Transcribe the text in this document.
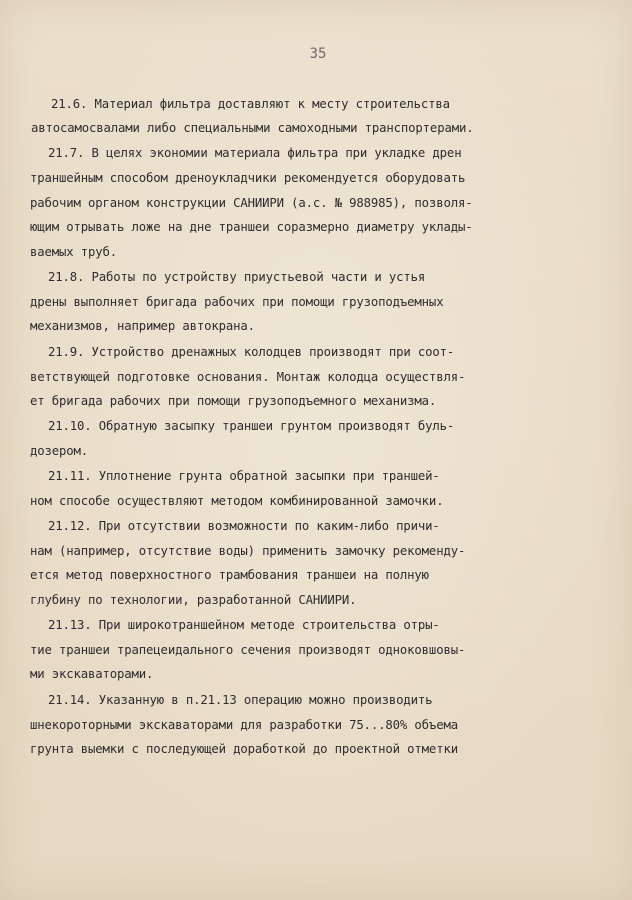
35
21.6. Материал фильтра доставляют к месту строительства
автосамосвалами либо специальными самоходными транспортерами.
21.7. В целях экономии материала фильтра при укладке дрен
траншейным способом дреноукладчики рекомендуется оборудовать
рабочим органом конструкции САНИИРИ (а.с. № 988985), позволя-
ющим отрывать ложе на дне траншеи соразмерно диаметру уклады-
ваемых труб.
21.8. Работы по устройству приустьевой части и устья
дрены выполняет бригада рабочих при помощи грузоподъемных
механизмов, например автокрана.
21.9. Устройство дренажных колодцев производят при соот-
ветствующей подготовке основания. Монтаж колодца осуществля-
ет бригада рабочих при помощи грузоподъемного механизма.
21.10. Обратную засыпку траншеи грунтом производят буль-
дозером.
21.11. Уплотнение грунта обратной засыпки при траншей-
ном способе осуществляют методом комбинированной замочки.
21.12. При отсутствии возможности по каким-либо причи-
нам (например, отсутствие воды) применить замочку рекоменду-
ется метод поверхностного трамбования траншеи на полную
глубину по технологии, разработанной САНИИРИ.
21.13. При широкотраншейном методе строительства отры-
тие траншеи трапецеидального сечения производят одноковшовы-
ми экскаваторами.
21.14. Указанную в п.21.13 операцию можно производить
шнекороторными экскаваторами для разработки 75...80% объема
грунта выемки с последующей доработкой до проектной отметки
